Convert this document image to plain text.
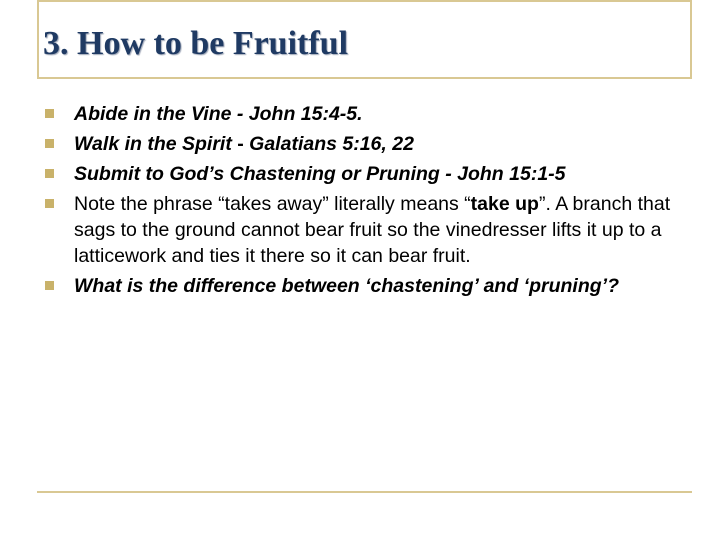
3. How to be Fruitful
Abide in the Vine - John 15:4-5.
Walk in the Spirit - Galatians 5:16, 22
Submit to God’s Chastening or Pruning - John 15:1-5
Note the phrase “takes away” literally means “take up”. A branch that sags to the ground cannot bear fruit so the vinedresser lifts it up to a latticework and ties it there so it can bear fruit.
What is the difference between ‘chastening’ and ‘pruning’?
